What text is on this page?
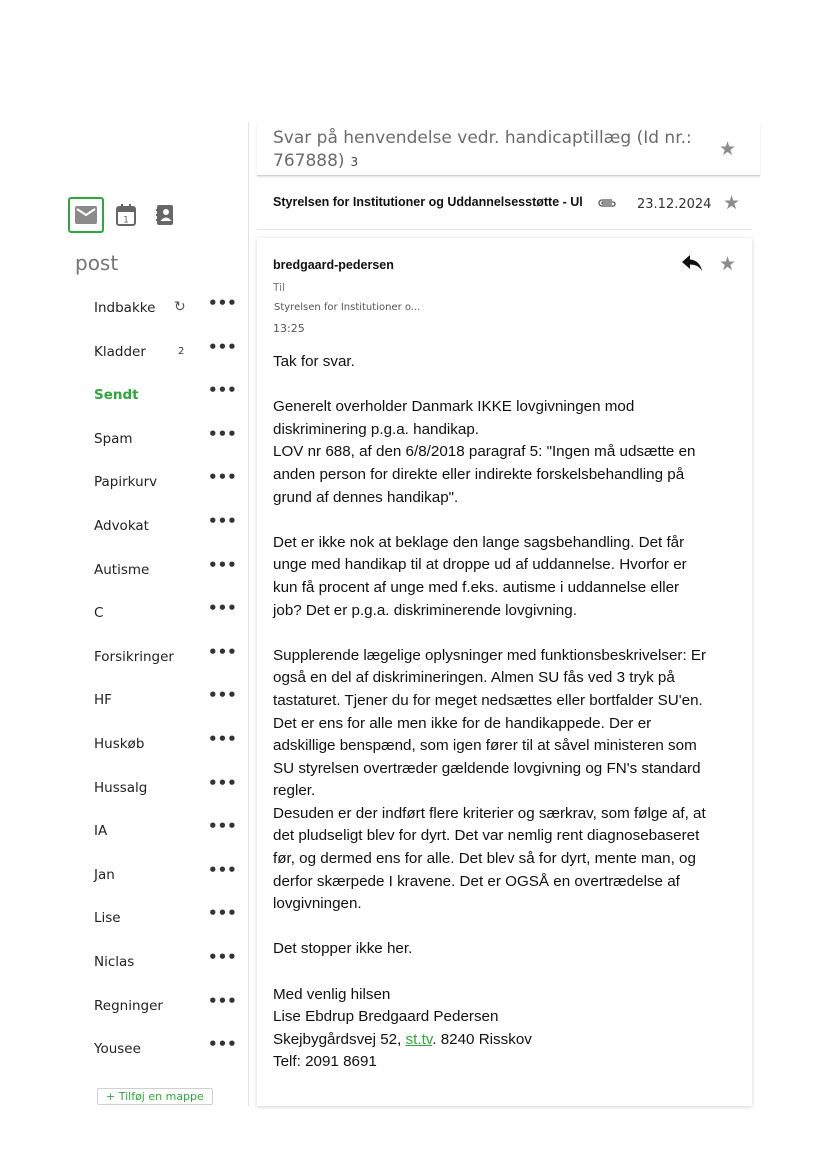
1
post
Indbakke ↻ •••
Kladder	2 •••
Sendt	•••
Spam	•••
Papirkurv	•••
Advokat	•••
Autisme	•••
C	•••
Forsikringer •••
HF	•••
Huskøb	•••
Hussalg	•••
IA	•••
Jan	•••
Lise	•••
Niclas	•••
Regninger	•••
Yousee	•••
+ Tilføj en mappe
Svar på henvendelse vedr. handicaptillæg (Id nr.: 767888) 3
★
Styrelsen for Institutioner og Uddannelsesstøtte - Ul	23.12.2024 ★
bredgaard-pedersen	★
Til
Styrelsen for Institutioner o...
13:25

Tak for svar.

Generelt overholder Danmark IKKE lovgivningen mod

diskriminering p.g.a. handikap.

LOV nr 688, af den 6/8/2018 paragraf 5: "Ingen må udsætte en

anden person for direkte eller indirekte forskelsbehandling på

grund af dennes handikap".

Det er ikke nok at beklage den lange sagsbehandling. Det får

unge med handikap til at droppe ud af uddannelse. Hvorfor er

kun få procent af unge med f.eks. autisme i uddannelse eller

job? Det er p.g.a. diskriminerende lovgivning.

Supplerende lægelige oplysninger med funktionsbeskrivelser: Er

også en del af diskrimineringen. Almen SU fås ved 3 tryk på

tastaturet. Tjener du for meget nedsættes eller bortfalder SU'en.

Det er ens for alle men ikke for de handikappede. Der er

adskillige benspænd, som igen fører til at såvel ministeren som

SU styrelsen overtræder gældende lovgivning og FN's standard

regler.

Desuden er der indført flere kriterier og særkrav, som følge af, at

det pludseligt blev for dyrt. Det var nemlig rent diagnosebaseret

før, og dermed ens for alle. Det blev så for dyrt, mente man, og

derfor skærpede I kravene. Det er OGSÅ en overtrædelse af

lovgivningen.

Det stopper ikke her.

Med venlig hilsen

Lise Ebdrup Bredgaard Pedersen

Skejbygårdsvej 52, st.tv. 8240 Risskov

Telf: 2091 8691
